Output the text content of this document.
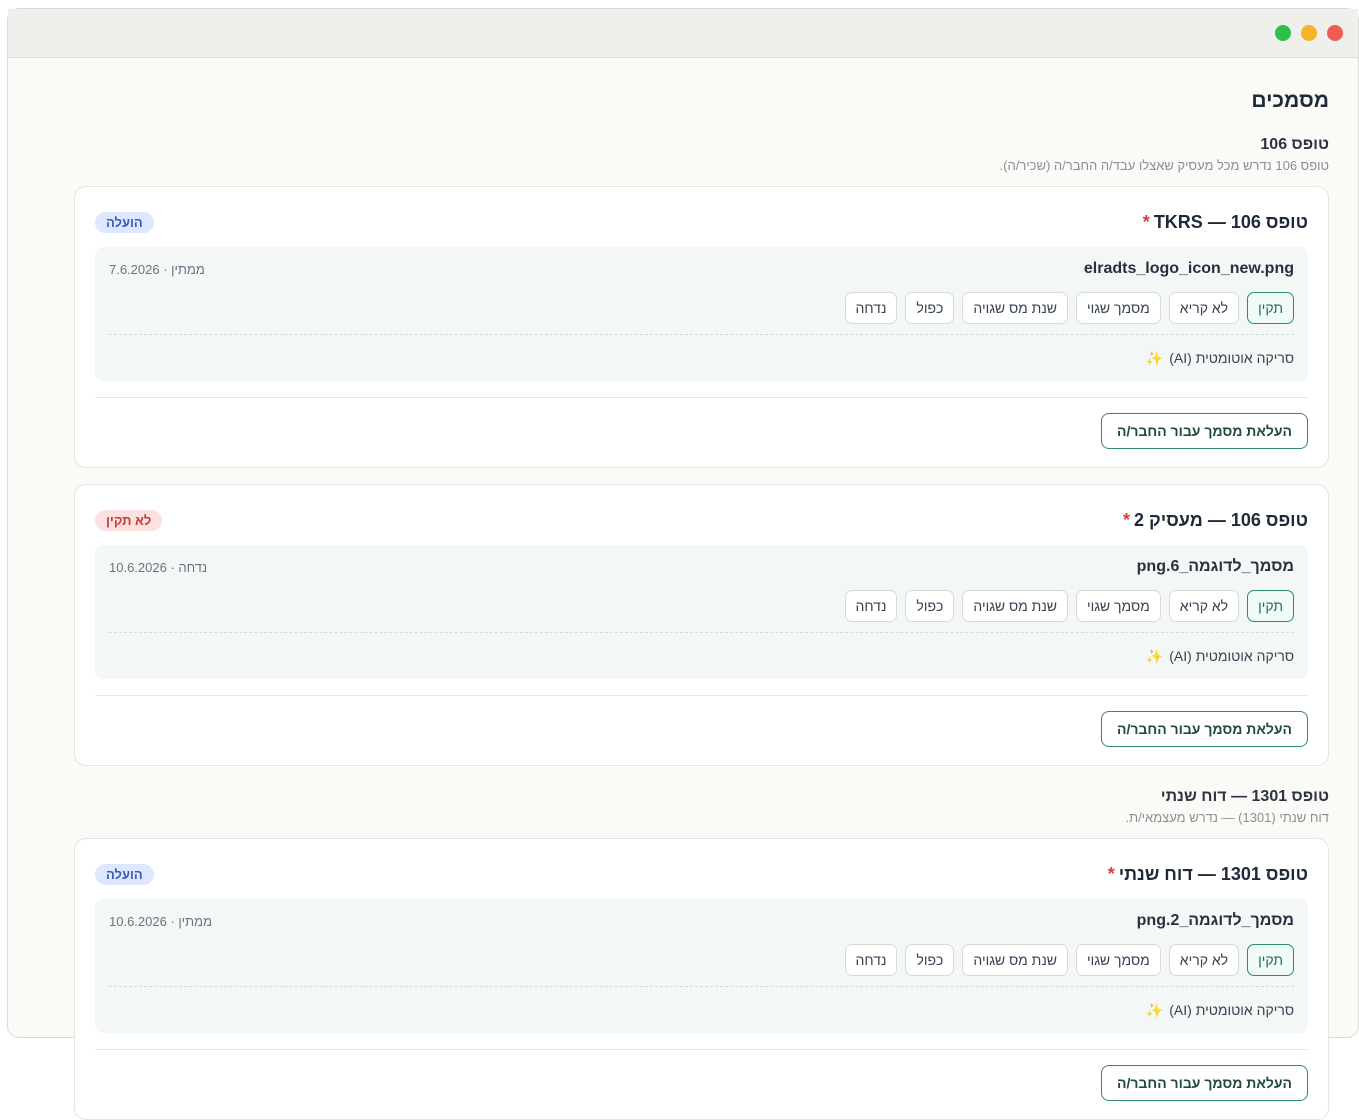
מסמכים
טופס 106
טופס 106 נדרש מכל מעסיק שאצלו עבד/ה החבר/ה (שכיר/ה).
טופס 106 — TKRS*
הועלה
elradts_logo_icon_new.png
ממתין · 7.6.2026
תקין
לא קריא
מסמך שגוי
שנת מס שגויה
כפול
נדחה
סריקה אוטומטית (AI)
✨
העלאת מסמך עבור החבר/ה
טופס 106 — מעסיק 2*
לא תקין
מסמך_לדוגמה_6.png
נדחה · 10.6.2026
תקין
לא קריא
מסמך שגוי
שנת מס שגויה
כפול
נדחה
סריקה אוטומטית (AI)
✨
העלאת מסמך עבור החבר/ה
טופס 1301 — דוח שנתי
דוח שנתי (1301) — נדרש מעצמאי/ת.
טופס 1301 — דוח שנתי*
הועלה
מסמך_לדוגמה_2.png
ממתין · 10.6.2026
תקין
לא קריא
מסמך שגוי
שנת מס שגויה
כפול
נדחה
סריקה אוטומטית (AI)
✨
העלאת מסמך עבור החבר/ה
